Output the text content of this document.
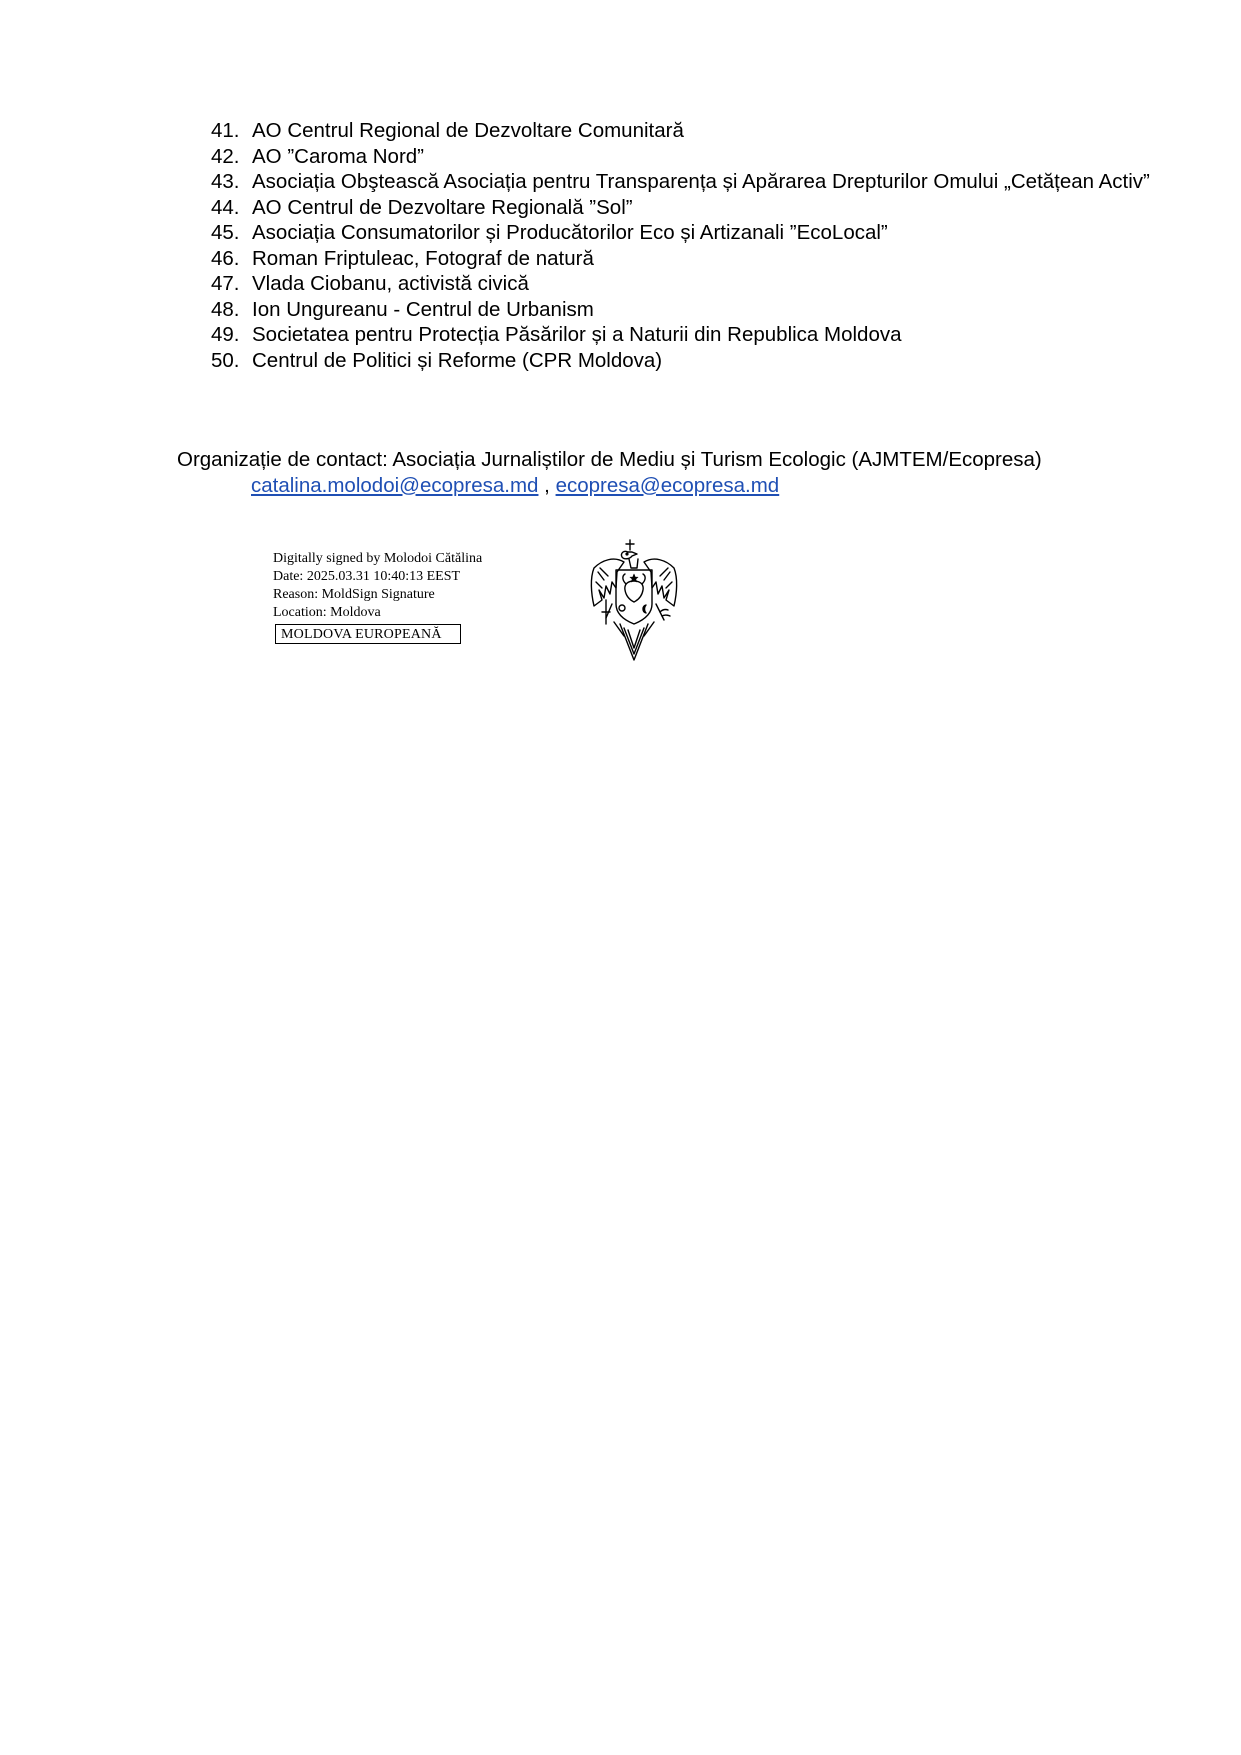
41. AO Centrul Regional de Dezvoltare Comunitară
42. AO ”Caroma Nord”
43. Asociația Obştească Asociația pentru Transparența și Apărarea Drepturilor Omului „Cetățean Activ”
44. AO Centrul de Dezvoltare Regională ”Sol”
45. Asociația Consumatorilor și Producătorilor Eco și Artizanali ”EcoLocal”
46. Roman Friptuleac, Fotograf de natură
47. Vlada Ciobanu, activistă civică
48. Ion Ungureanu - Centrul de Urbanism
49. Societatea pentru Protecția Păsărilor și a Naturii din Republica Moldova
50. Centrul de Politici și Reforme (CPR Moldova)
Organizație de contact: Asociația Jurnaliștilor de Mediu și Turism Ecologic (AJMTEM/Ecopresa)
catalina.molodoi@ecopresa.md , ecopresa@ecopresa.md
Digitally signed by Molodoi Cătălina
Date: 2025.03.31 10:40:13 EEST
Reason: MoldSign Signature
Location: Moldova
MOLDOVA EUROPEANĂ
